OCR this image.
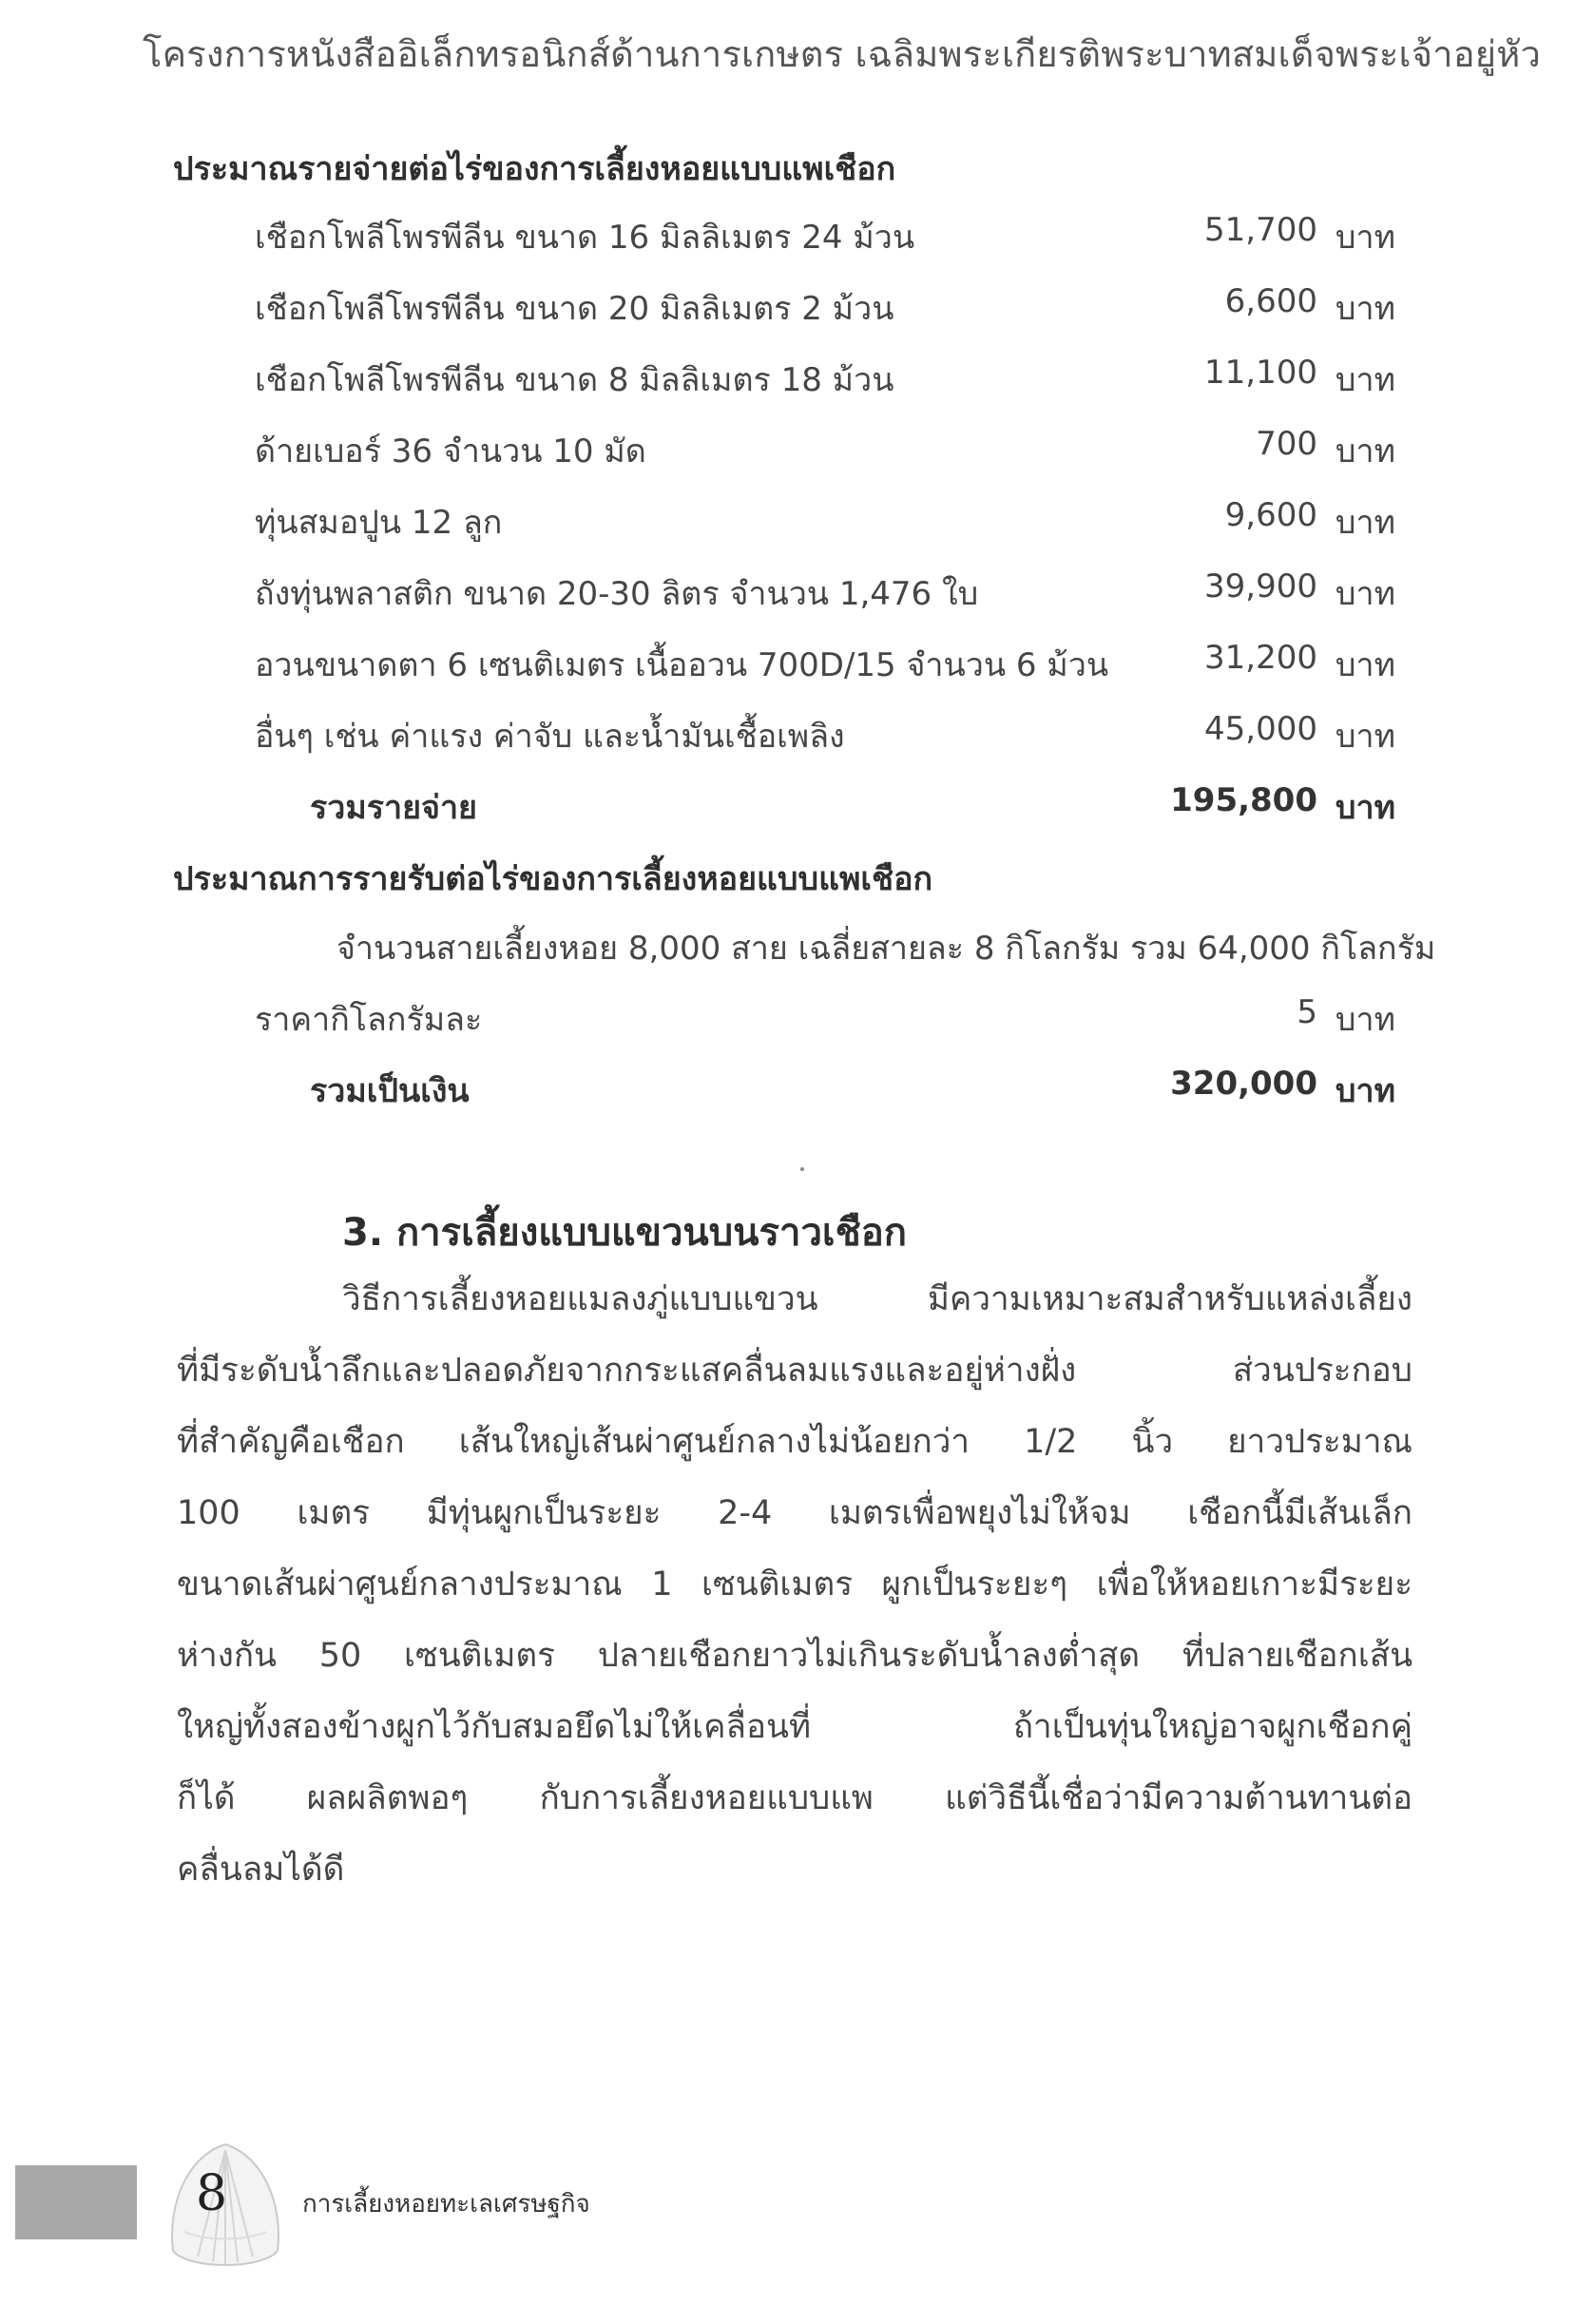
โครงการหนังสืออิเล็กทรอนิกส์ด้านการเกษตร เฉลิมพระเกียรติพระบาทสมเด็จพระเจ้าอยู่หัว
ประมาณรายจ่ายต่อไร่ของการเลี้ยงหอยแบบแพเชือก
เชือกโพลีโพรพีลีน ขนาด 16 มิลลิเมตร 24 ม้วน	51,700 บาท
เชือกโพลีโพรพีลีน ขนาด 20 มิลลิเมตร 2 ม้วน	6,600 บาท
เชือกโพลีโพรพีลีน ขนาด 8 มิลลิเมตร 18 ม้วน	11,100 บาท
ด้ายเบอร์ 36 จำนวน 10 มัด	700 บาท
ทุ่นสมอปูน 12 ลูก	9,600 บาท
ถังทุ่นพลาสติก ขนาด 20-30 ลิตร จำนวน 1,476 ใบ	39,900 บาท
อวนขนาดตา 6 เซนติเมตร เนื้ออวน 700D/15 จำนวน 6 ม้วน	31,200 บาท
อื่นๆ เช่น ค่าแรง ค่าจับ และน้ำมันเชื้อเพลิง	45,000 บาท
รวมรายจ่าย	195,800 บาท
ประมาณการรายรับต่อไร่ของการเลี้ยงหอยแบบแพเชือก
จำนวนสายเลี้ยงหอย 8,000 สาย เฉลี่ยสายละ 8 กิโลกรัม รวม 64,000 กิโลกรัม
ราคากิโลกรัมละ	5 บาท
รวมเป็นเงิน	320,000 บาท
3. การเลี้ยงแบบแขวนบนราวเชือก
วิธีการเลี้ยงหอยแมลงภู่แบบแขวน มีความเหมาะสมสำหรับแหล่งเลี้ยง
ที่มีระดับน้ำลึกและปลอดภัยจากกระแสคลื่นลมแรงและอยู่ห่างฝั่ง ส่วนประกอบ
ที่สำคัญคือเชือก เส้นใหญ่เส้นผ่าศูนย์กลางไม่น้อยกว่า 1/2 นิ้ว ยาวประมาณ
100 เมตร มีทุ่นผูกเป็นระยะ 2-4 เมตรเพื่อพยุงไม่ให้จม เชือกนี้มีเส้นเล็ก
ขนาดเส้นผ่าศูนย์กลางประมาณ 1 เซนติเมตร ผูกเป็นระยะๆ เพื่อให้หอยเกาะมีระยะ
ห่างกัน 50 เซนติเมตร ปลายเชือกยาวไม่เกินระดับน้ำลงต่ำสุด ที่ปลายเชือกเส้น
ใหญ่ทั้งสองข้างผูกไว้กับสมอยึดไม่ให้เคลื่อนที่ ถ้าเป็นทุ่นใหญ่อาจผูกเชือกคู่
ก็ได้ ผลผลิตพอๆ กับการเลี้ยงหอยแบบแพ แต่วิธีนี้เชื่อว่ามีความต้านทานต่อ
คลื่นลมได้ดี
8	การเลี้ยงหอยทะเลเศรษฐกิจ
